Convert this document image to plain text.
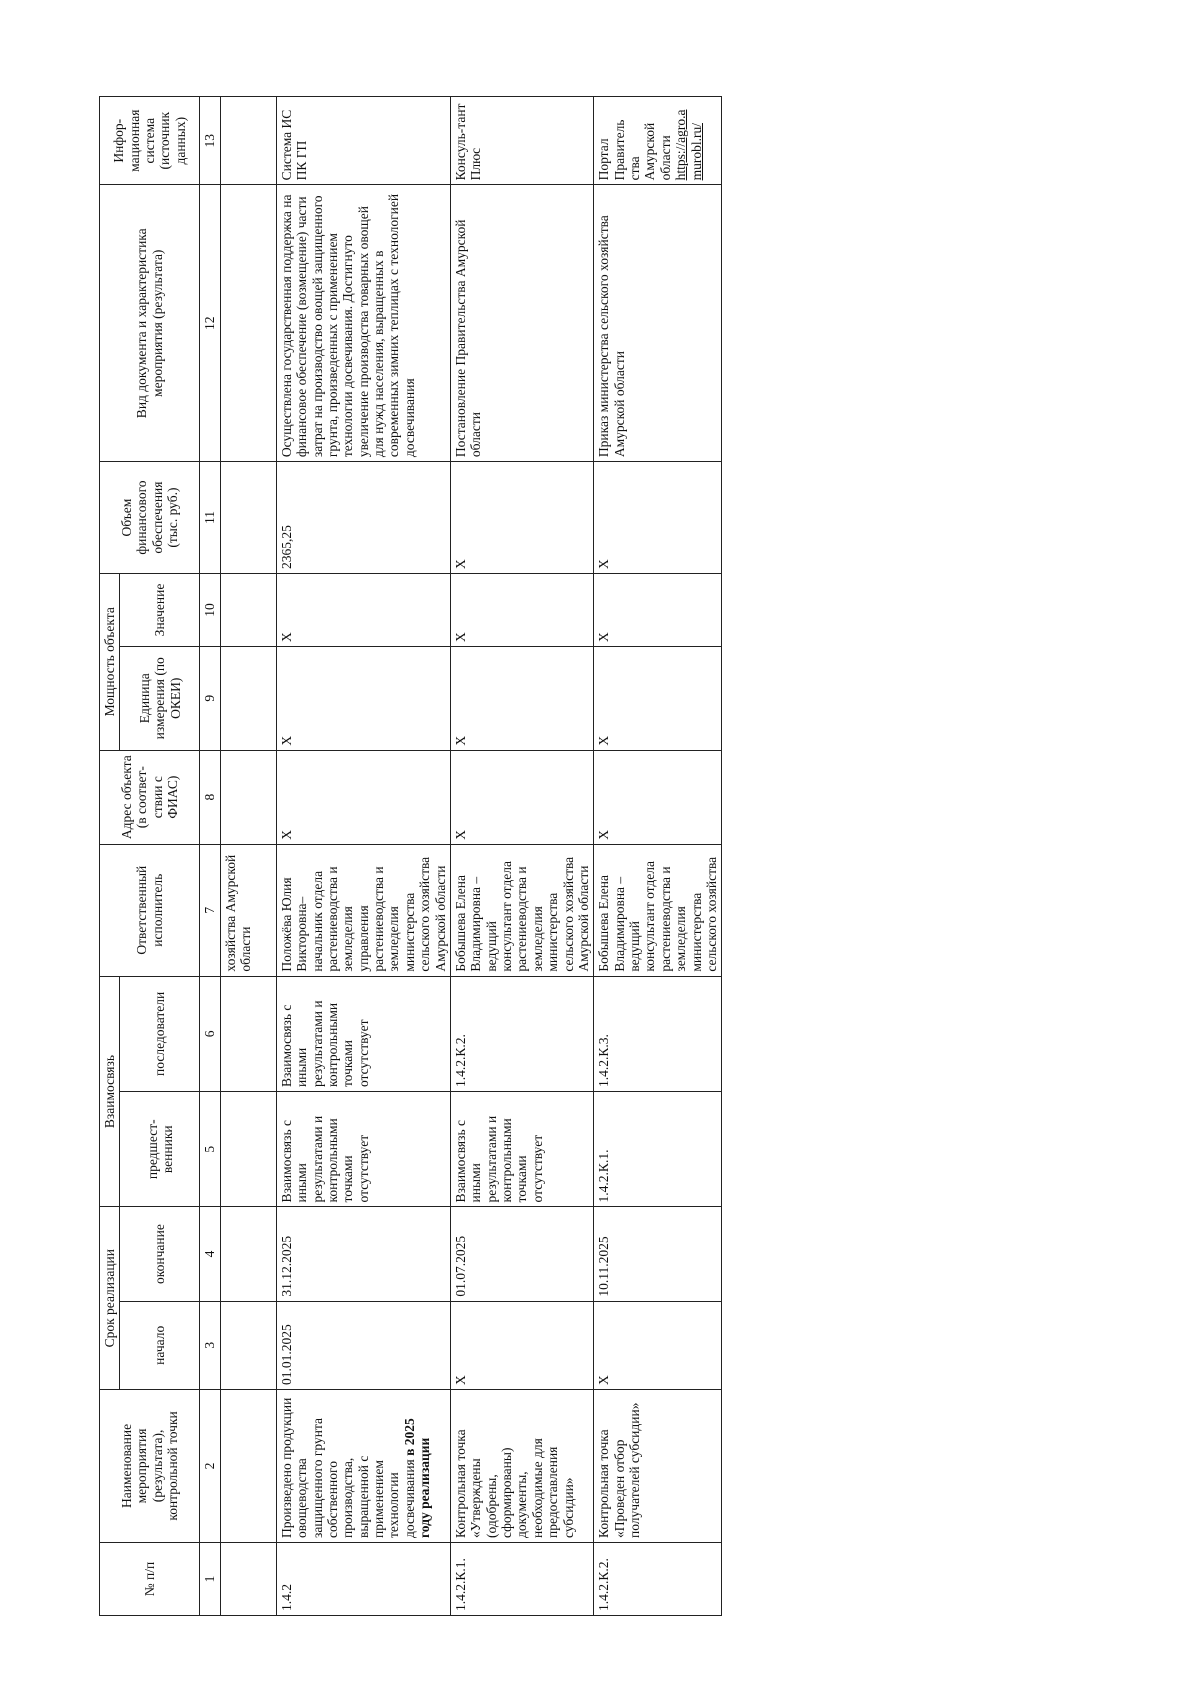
№ п/п	Наименование мероприятия (результата), контрольной точки	Срок реализации		Взаимосвязь		Ответственный исполнитель	Адрес объекта (в соответ-ствии с ФИАС)	Мощность объекта		Объем финансового обеспечения (тыс. руб.)	Вид документа и характеристика мероприятия (результата)	Инфор-мационная система (источник данных)
		начало	окончание	предшест-венники	последователи			Единица измерения (по ОКЕИ)	Значение			
1	2	3	4	5	6	7	8	9	10	11	12	13
						хозяйства Амурской области						
1.4.2	Произведено продукции овощеводства защищенного грунта собственного производства, выращенной с применением технологии досвечивания в 2025 году реализации	01.01.2025	31.12.2025	Взаимосвязь с иными результатами и контрольными точками отсутствует	Взаимосвязь с иными результатами и контрольными точками отсутствует	Положёва Юлия Викторовна– начальник отдела растениеводства и земледелия управления растениеводства и земледелия министерства сельского хозяйства Амурской области	X	X	X	2365,25	Осуществлена государственная поддержка на финансовое обеспечение (возмещение) части затрат на производство овощей защищенного грунта, произведенных с применением технологии досвечивания. Достигнуто увеличение производства товарных овощей для нужд населения, выращенных в современных зимних теплицах с технологией досвечивания	Система ИС ПК ГП
1.4.2.К.1.	Контрольная точка «Утверждены (одобрены, сформированы) документы, необходимые для предоставления субсидии»	X	01.07.2025	Взаимосвязь с иными результатами и контрольными точками отсутствует	1.4.2.К.2.	Бобышева Елена Владимировна – ведущий консультант отдела растениеводства и земледелия министерства сельского хозяйства Амурской области	X	X	X	X	Постановление Правительства Амурской области	Консуль-тант Плюс
1.4.2.К.2.	Контрольная точка «Проведен отбор получателей субсидии»	X	10.11.2025	1.4.2.К.1.	1.4.2.К.3.	Бобышева Елена Владимировна – ведущий консультант отдела растениеводства и земледелия министерства сельского хозяйства	X	X	X	X	Приказ министерства сельского хозяйства Амурской области	Портал Правитель ства Амурской области https://agro.amurobl.ru/
